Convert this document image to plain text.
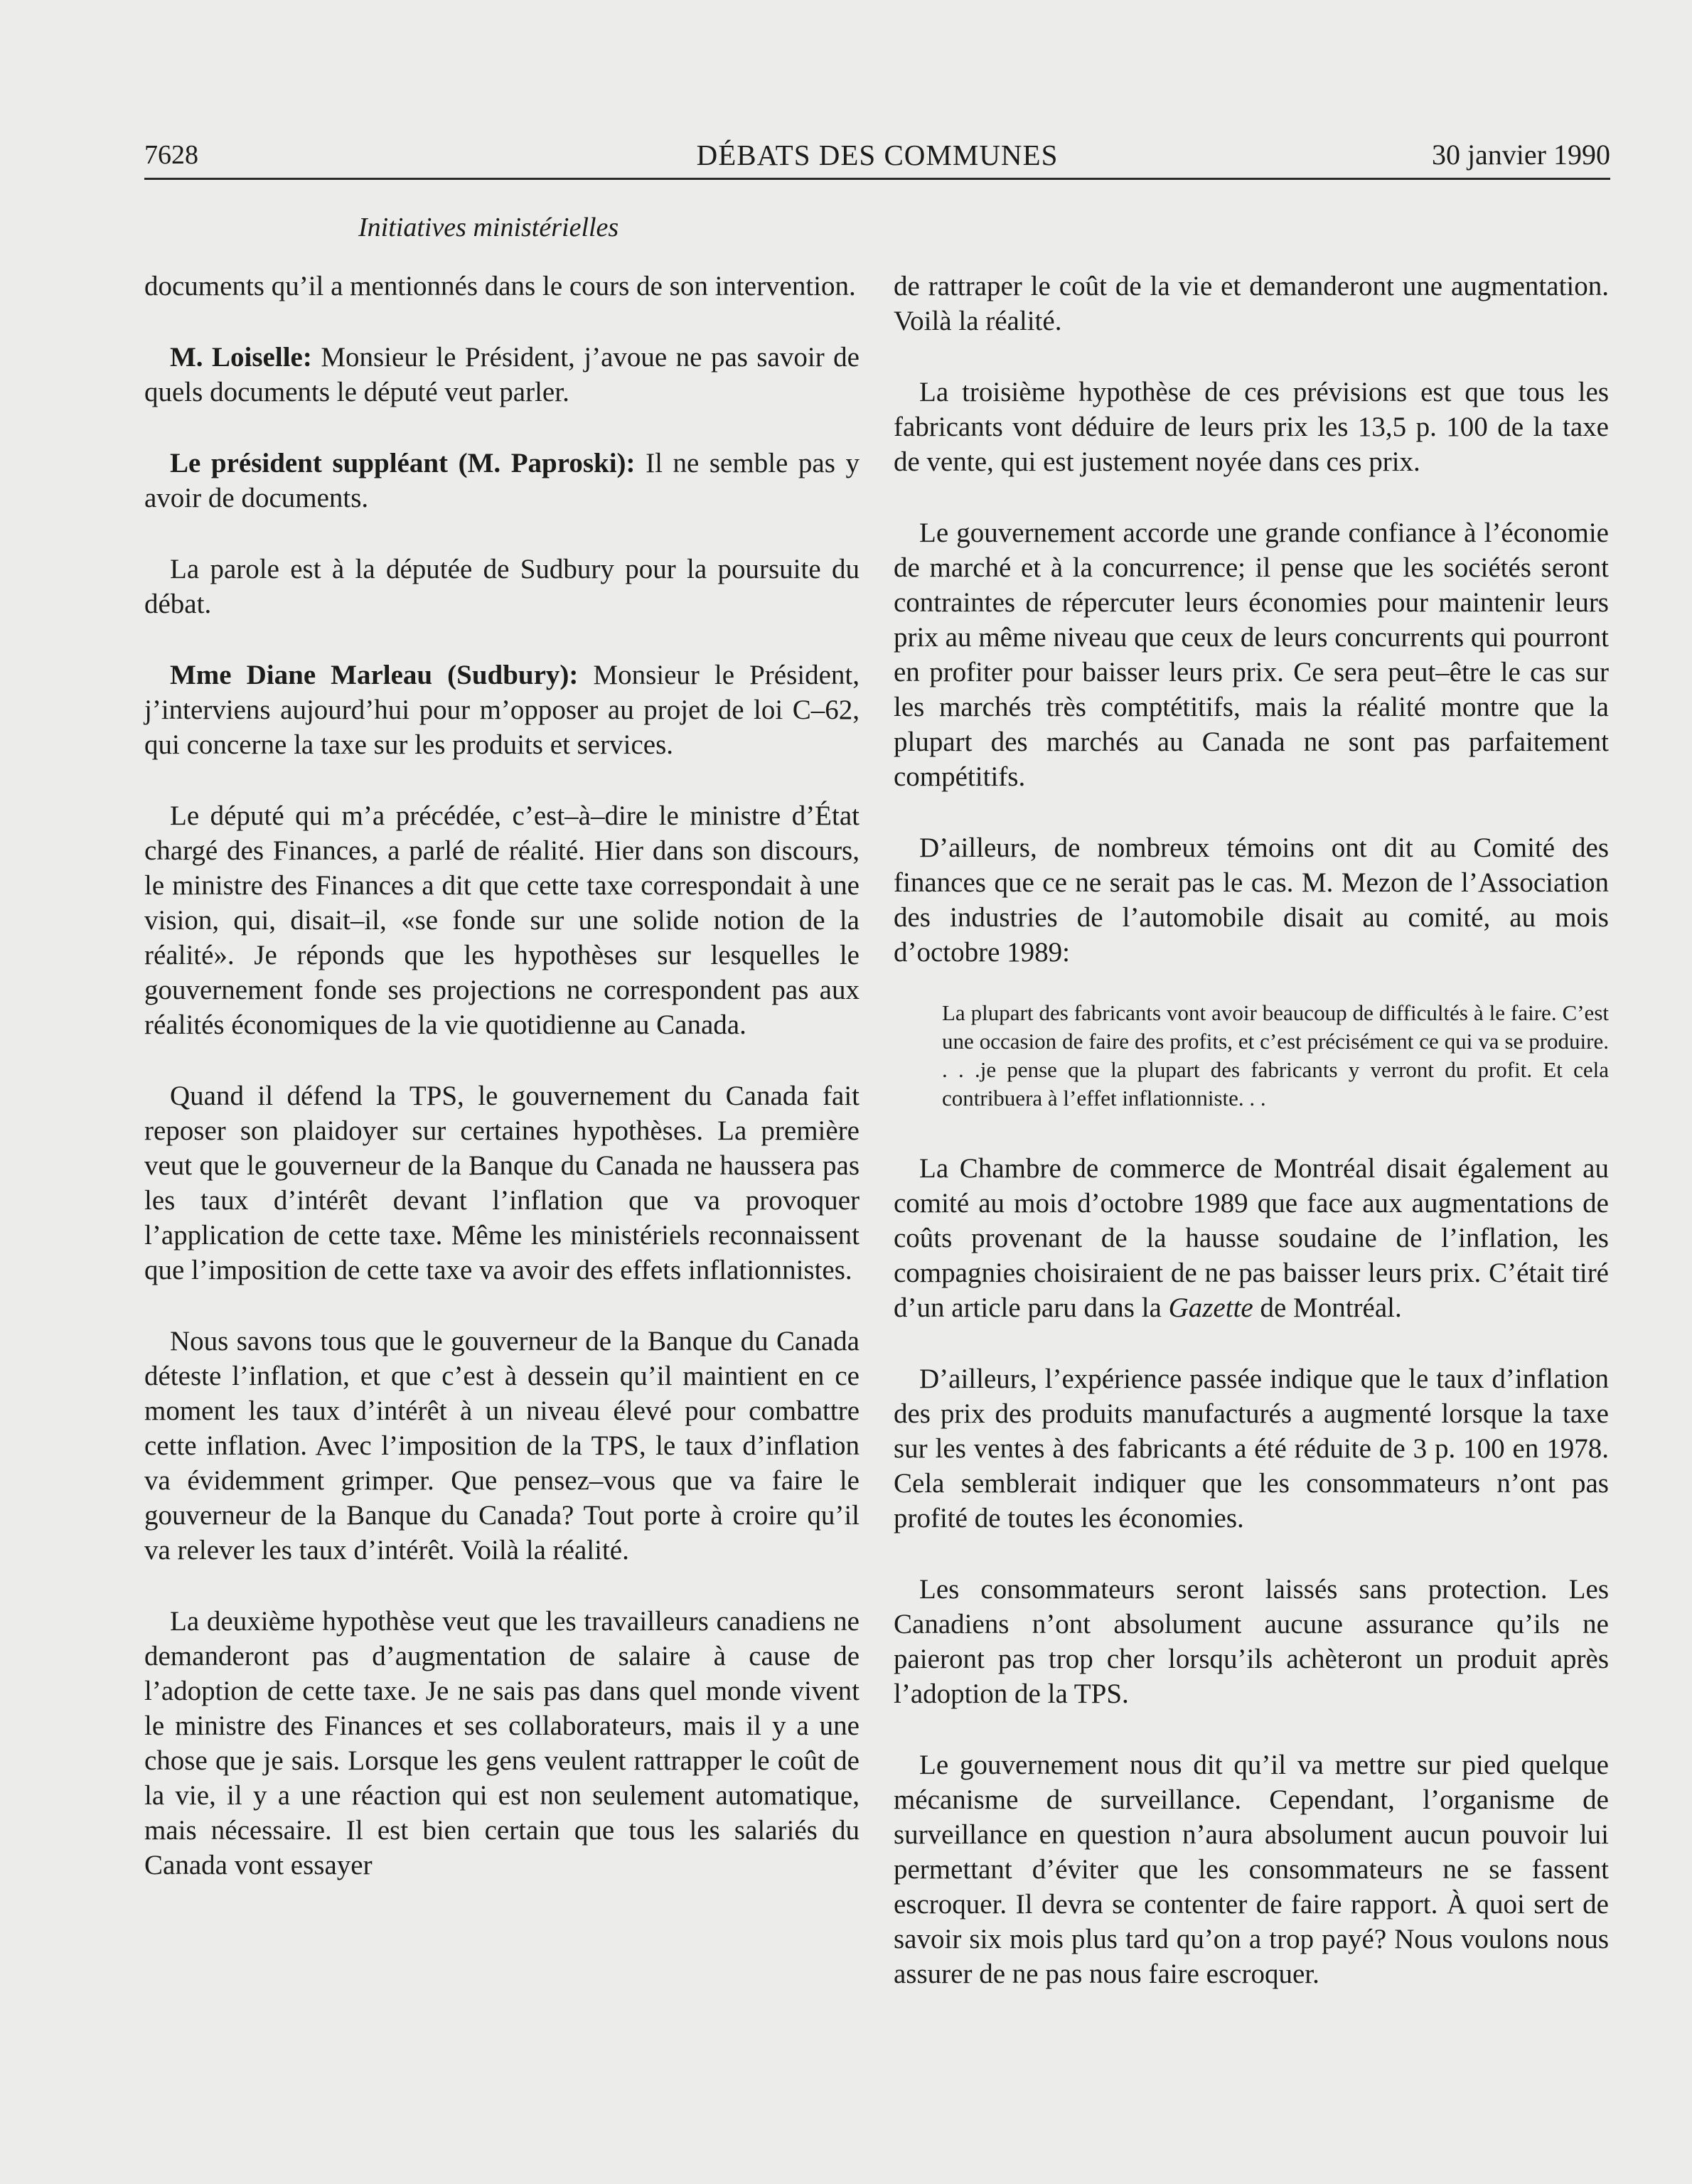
7628	DÉBATS DES COMMUNES	30 janvier 1990
Initiatives ministérielles

documents qu’il a mentionnés dans le cours de son intervention.

M. Loiselle: Monsieur le Président, j’avoue ne pas savoir de quels documents le député veut parler.

Le président suppléant (M. Paproski): Il ne semble pas y avoir de documents.

La parole est à la députée de Sudbury pour la poursuite du débat.

Mme Diane Marleau (Sudbury): Monsieur le Président, j’interviens aujourd’hui pour m’opposer au projet de loi C–62, qui concerne la taxe sur les produits et services.

Le député qui m’a précédée, c’est–à–dire le ministre d’État chargé des Finances, a parlé de réalité. Hier dans son discours, le ministre des Finances a dit que cette taxe correspondait à une vision, qui, disait–il, «se fonde sur une solide notion de la réalité». Je réponds que les hypothèses sur lesquelles le gouvernement fonde ses projections ne correspondent pas aux réalités économiques de la vie quotidienne au Canada.

Quand il défend la TPS, le gouvernement du Canada fait reposer son plaidoyer sur certaines hypothèses. La première veut que le gouverneur de la Banque du Canada ne haussera pas les taux d’intérêt devant l’inflation que va provoquer l’application de cette taxe. Même les ministériels reconnaissent que l’imposition de cette taxe va avoir des effets inflationnistes.

Nous savons tous que le gouverneur de la Banque du Canada déteste l’inflation, et que c’est à dessein qu’il maintient en ce moment les taux d’intérêt à un niveau élevé pour combattre cette inflation. Avec l’imposition de la TPS, le taux d’inflation va évidemment grimper. Que pensez–vous que va faire le gouverneur de la Banque du Canada? Tout porte à croire qu’il va relever les taux d’intérêt. Voilà la réalité.

La deuxième hypothèse veut que les travailleurs canadiens ne demanderont pas d’augmentation de salaire à cause de l’adoption de cette taxe. Je ne sais pas dans quel monde vivent le ministre des Finances et ses collaborateurs, mais il y a une chose que je sais. Lorsque les gens veulent rattrapper le coût de la vie, il y a une réaction qui est non seulement automatique, mais nécessaire. Il est bien certain que tous les salariés du Canada vont essayer

de rattraper le coût de la vie et demanderont une augmentation. Voilà la réalité.

La troisième hypothèse de ces prévisions est que tous les fabricants vont déduire de leurs prix les 13,5 p. 100 de la taxe de vente, qui est justement noyée dans ces prix.

Le gouvernement accorde une grande confiance à l’économie de marché et à la concurrence; il pense que les sociétés seront contraintes de répercuter leurs économies pour maintenir leurs prix au même niveau que ceux de leurs concurrents qui pourront en profiter pour baisser leurs prix. Ce sera peut–être le cas sur les marchés très comptétitifs, mais la réalité montre que la plupart des marchés au Canada ne sont pas parfaitement compétitifs.

D’ailleurs, de nombreux témoins ont dit au Comité des finances que ce ne serait pas le cas. M. Mezon de l’Association des industries de l’automobile disait au comité, au mois d’octobre 1989:

La plupart des fabricants vont avoir beaucoup de difficultés à le faire. C’est une occasion de faire des profits, et c’est précisément ce qui va se produire. . . .je pense que la plupart des fabricants y verront du profit. Et cela contribuera à l’effet inflationniste. . .

La Chambre de commerce de Montréal disait également au comité au mois d’octobre 1989 que face aux augmentations de coûts provenant de la hausse soudaine de l’inflation, les compagnies choisiraient de ne pas baisser leurs prix. C’était tiré d’un article paru dans la Gazette de Montréal.

D’ailleurs, l’expérience passée indique que le taux d’inflation des prix des produits manufacturés a augmenté lorsque la taxe sur les ventes à des fabricants a été réduite de 3 p. 100 en 1978. Cela semblerait indiquer que les consommateurs n’ont pas profité de toutes les économies.

Les consommateurs seront laissés sans protection. Les Canadiens n’ont absolument aucune assurance qu’ils ne paieront pas trop cher lorsqu’ils achèteront un produit après l’adoption de la TPS.

Le gouvernement nous dit qu’il va mettre sur pied quelque mécanisme de surveillance. Cependant, l’organisme de surveillance en question n’aura absolument aucun pouvoir lui permettant d’éviter que les consommateurs ne se fassent escroquer. Il devra se contenter de faire rapport. À quoi sert de savoir six mois plus tard qu’on a trop payé? Nous voulons nous assurer de ne pas nous faire escroquer.
